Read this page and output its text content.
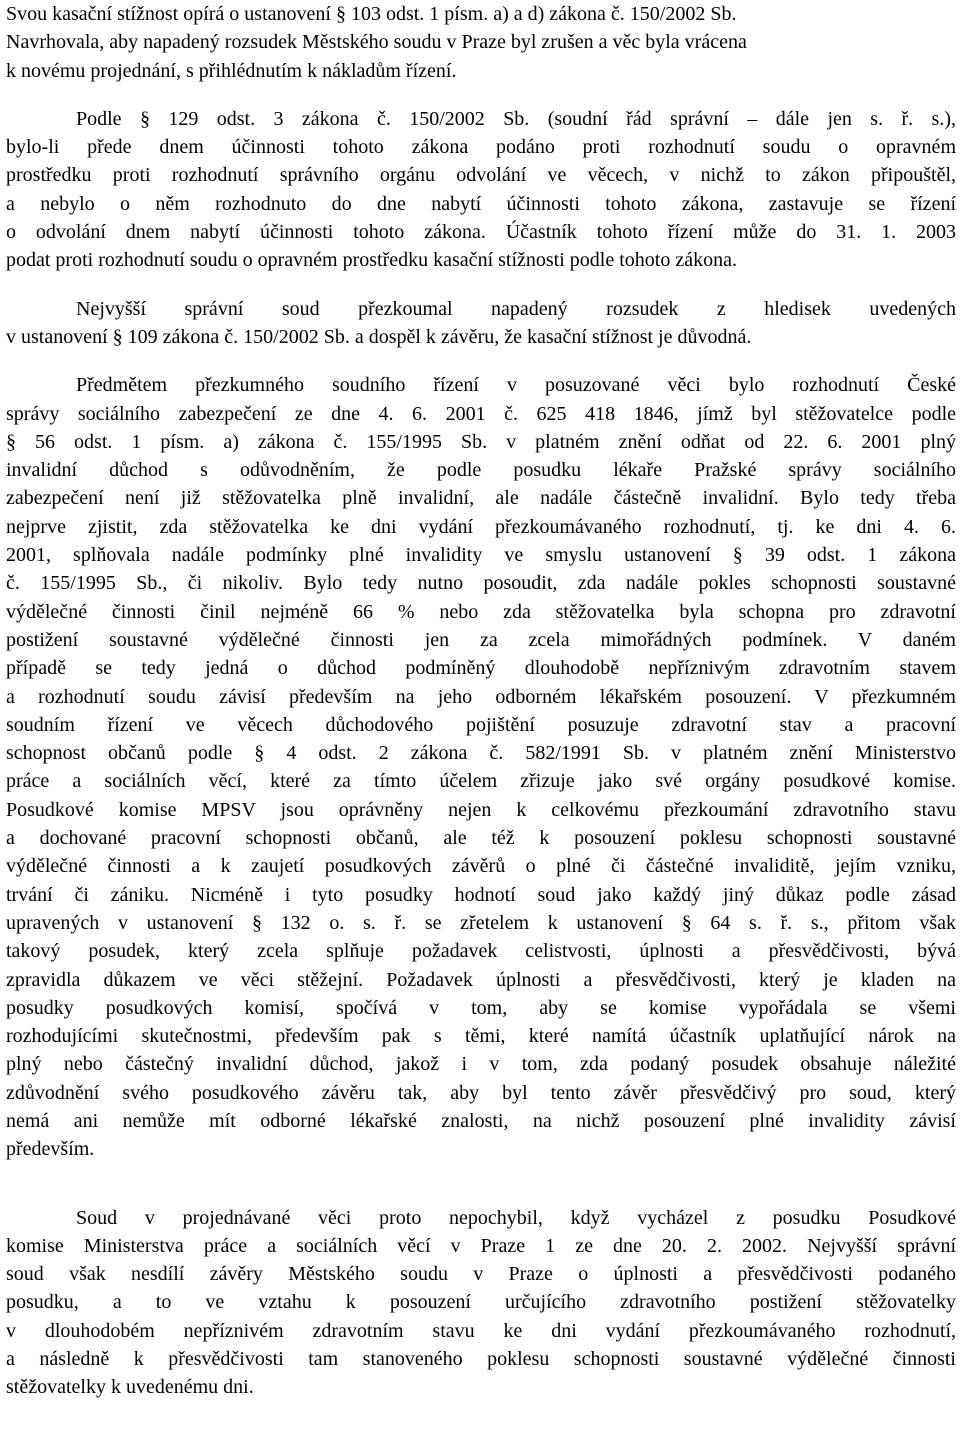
Svou kasační stížnost opírá o ustanovení § 103 odst. 1 písm. a) a d) zákona č. 150/2002 Sb.
Navrhovala, aby napadený rozsudek Městského soudu v Praze byl zrušen a věc byla vrácena
k novému projednání, s přihlédnutím k nákladům řízení.
Podle § 129 odst. 3 zákona č. 150/2002 Sb. (soudní řád správní – dále jen s. ř. s.),
bylo-li přede dnem účinnosti tohoto zákona podáno proti rozhodnutí soudu o opravném
prostředku proti rozhodnutí správního orgánu odvolání ve věcech, v nichž to zákon připouštěl,
a nebylo o něm rozhodnuto do dne nabytí účinnosti tohoto zákona, zastavuje se řízení
o odvolání dnem nabytí účinnosti tohoto zákona. Účastník tohoto řízení může do 31. 1. 2003
podat proti rozhodnutí soudu o opravném prostředku kasační stížnosti podle tohoto zákona.
Nejvyšší správní soud přezkoumal napadený rozsudek z hledisek uvedených
v ustanovení § 109 zákona č. 150/2002 Sb. a dospěl k závěru, že kasační stížnost je důvodná.
Předmětem přezkumného soudního řízení v posuzované věci bylo rozhodnutí České
správy sociálního zabezpečení ze dne 4. 6. 2001 č. 625 418 1846, jímž byl stěžovatelce podle
§ 56 odst. 1 písm. a) zákona č. 155/1995 Sb. v platném znění odňat od 22. 6. 2001 plný
invalidní důchod s odůvodněním, že podle posudku lékaře Pražské správy sociálního
zabezpečení není již stěžovatelka plně invalidní, ale nadále částečně invalidní. Bylo tedy třeba
nejprve zjistit, zda stěžovatelka ke dni vydání přezkoumávaného rozhodnutí, tj. ke dni 4. 6.
2001, splňovala nadále podmínky plné invalidity ve smyslu ustanovení § 39 odst. 1 zákona
č. 155/1995 Sb., či nikoliv. Bylo tedy nutno posoudit, zda nadále pokles schopnosti soustavné
výdělečné činnosti činil nejméně 66 % nebo zda stěžovatelka byla schopna pro zdravotní
postižení soustavné výdělečné činnosti jen za zcela mimořádných podmínek. V daném
případě se tedy jedná o důchod podmíněný dlouhodobě nepříznivým zdravotním stavem
a rozhodnutí soudu závisí především na jeho odborném lékařském posouzení. V přezkumném
soudním řízení ve věcech důchodového pojištění posuzuje zdravotní stav a pracovní
schopnost občanů podle § 4 odst. 2 zákona č. 582/1991 Sb. v platném znění Ministerstvo
práce a sociálních věcí, které za tímto účelem zřizuje jako své orgány posudkové komise.
Posudkové komise MPSV jsou oprávněny nejen k celkovému přezkoumání zdravotního stavu
a dochované pracovní schopnosti občanů, ale též k posouzení poklesu schopnosti soustavné
výdělečné činnosti a k zaujetí posudkových závěrů o plné či částečné invaliditě, jejím vzniku,
trvání či zániku. Nicméně i tyto posudky hodnotí soud jako každý jiný důkaz podle zásad
upravených v ustanovení § 132 o. s. ř. se zřetelem k ustanovení § 64 s. ř. s., přitom však
takový posudek, který zcela splňuje požadavek celistvosti, úplnosti a přesvědčivosti, bývá
zpravidla důkazem ve věci stěžejní. Požadavek úplnosti a přesvědčivosti, který je kladen na
posudky posudkových komisí, spočívá v tom, aby se komise vypořádala se všemi
rozhodujícími skutečnostmi, především pak s těmi, které namítá účastník uplatňující nárok na
plný nebo částečný invalidní důchod, jakož i v tom, zda podaný posudek obsahuje náležité
zdůvodnění svého posudkového závěru tak, aby byl tento závěr přesvědčivý pro soud, který
nemá ani nemůže mít odborné lékařské znalosti, na nichž posouzení plné invalidity závisí
především.
Soud v projednávané věci proto nepochybil, když vycházel z posudku Posudkové
komise Ministerstva práce a sociálních věcí v Praze 1 ze dne 20. 2. 2002. Nejvyšší správní
soud však nesdílí závěry Městského soudu v Praze o úplnosti a přesvědčivosti podaného
posudku, a to ve vztahu k posouzení určujícího zdravotního postižení stěžovatelky
v dlouhodobém nepříznivém zdravotním stavu ke dni vydání přezkoumávaného rozhodnutí,
a následně k přesvědčivosti tam stanoveného poklesu schopnosti soustavné výdělečné činnosti
stěžovatelky k uvedenému dni.
